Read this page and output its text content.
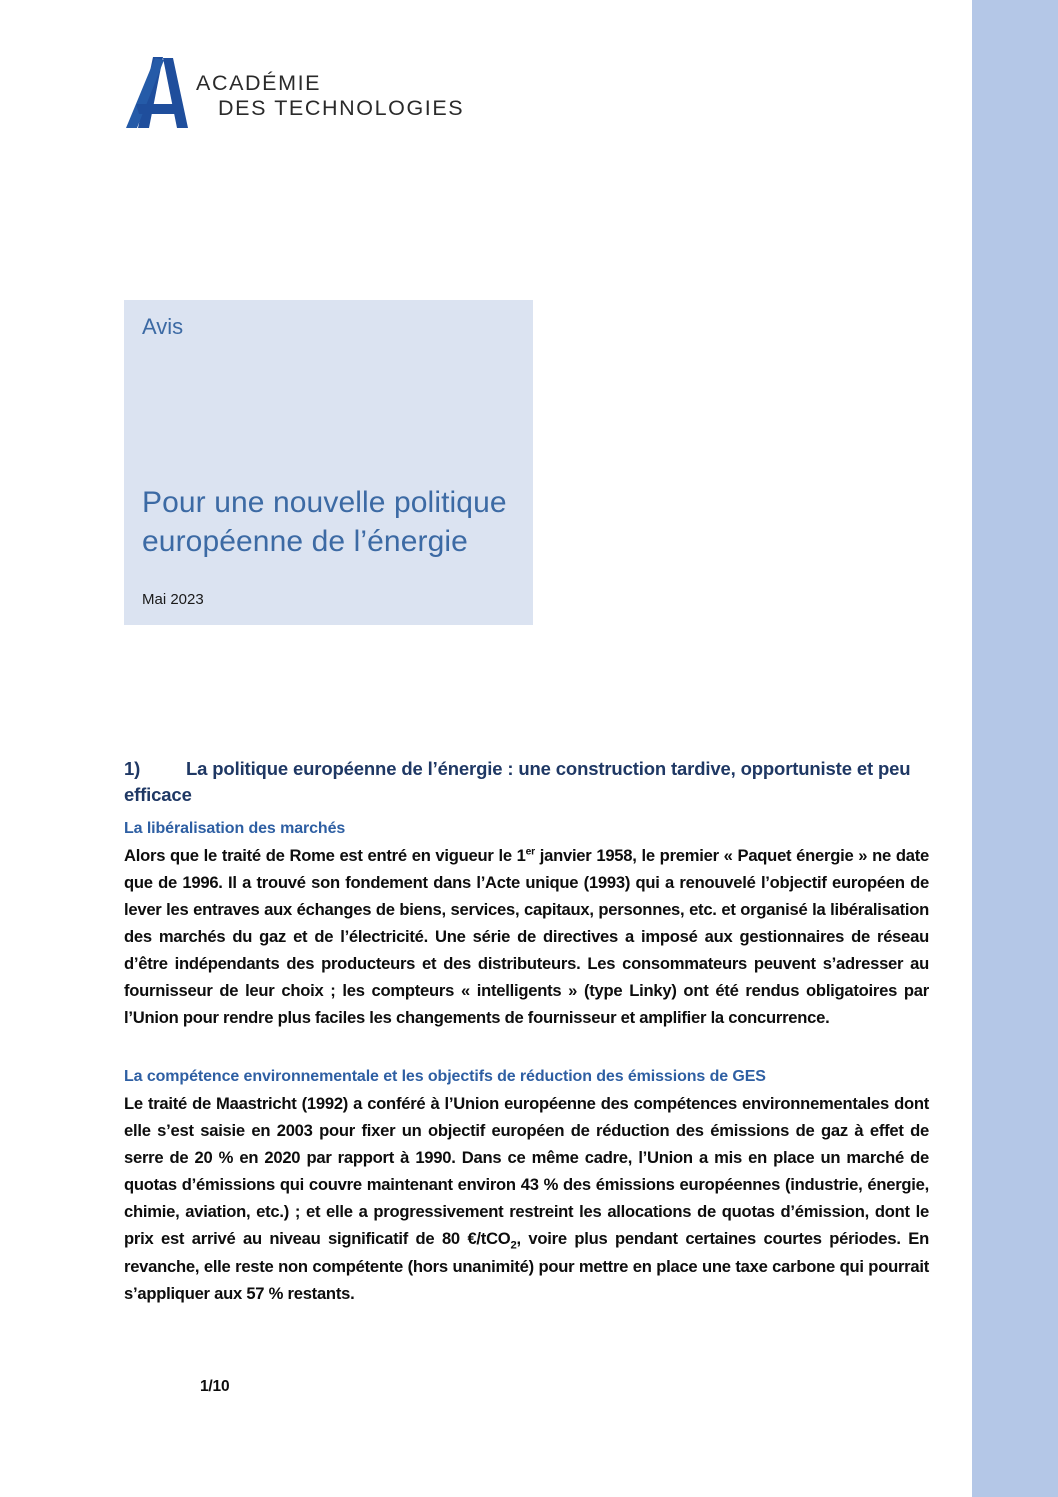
ACADÉMIE
DES TECHNOLOGIES
Avis
Pour une nouvelle politique européenne de l’énergie
Mai 2023
1) La politique européenne de l’énergie : une construction tardive, opportuniste et peu efficace
La libéralisation des marchés

Alors que le traité de Rome est entré en vigueur le 1er janvier 1958, le premier « Paquet énergie » ne date que de 1996. Il a trouvé son fondement dans l’Acte unique (1993) qui a renouvelé l’objectif européen de lever les entraves aux échanges de biens, services, capitaux, personnes, etc. et organisé la libéralisation des marchés du gaz et de l’électricité. Une série de directives a imposé aux gestionnaires de réseau d’être indépendants des producteurs et des distributeurs. Les consommateurs peuvent s’adresser au fournisseur de leur choix ; les compteurs « intelligents » (type Linky) ont été rendus obligatoires par l’Union pour rendre plus faciles les changements de fournisseur et amplifier la concurrence.

La compétence environnementale et les objectifs de réduction des émissions de GES

Le traité de Maastricht (1992) a conféré à l’Union européenne des compétences environnementales dont elle s’est saisie en 2003 pour fixer un objectif européen de réduction des émissions de gaz à effet de serre de 20 % en 2020 par rapport à 1990. Dans ce même cadre, l’Union a mis en place un marché de quotas d’émissions qui couvre maintenant environ 43 % des émissions européennes (industrie, énergie, chimie, aviation, etc.) ; et elle a progressivement restreint les allocations de quotas d’émission, dont le prix est arrivé au niveau significatif de 80 €/tCO$_2$, voire plus pendant certaines courtes périodes. En revanche, elle reste non compétente (hors unanimité) pour mettre en place une taxe carbone qui pourrait s’appliquer aux 57 % restants.

1/10
